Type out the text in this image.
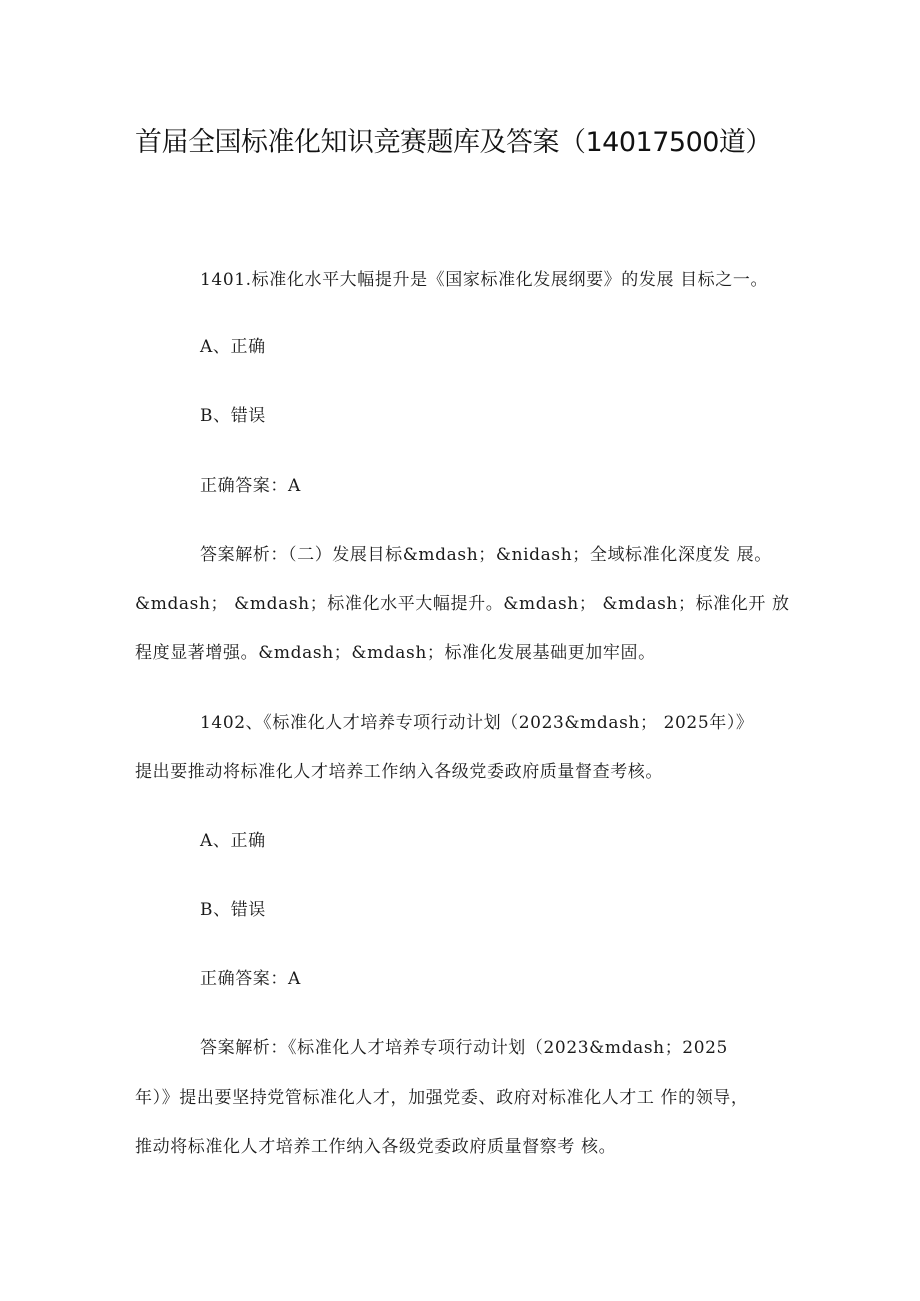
首届全国标准化知识竞赛题库及答案（14017500道）
1401.标准化水平大幅提升是《国家标准化发展纲要》的发展 目标之一。
A、正确
B、错误
正确答案：A
答案解析：（二）发展目标&mdash；&nidash；全域标准化深度发 展。
&mdash； &mdash；标准化水平大幅提升。&mdash； &mdash；标准化开 放
程度显著增强。&mdash；&mdash；标准化发展基础更加牢固。
1402、《标准化人才培养专项行动计划（2023&mdash； 2025年）》
提出要推动将标准化人才培养工作纳入各级党委政府质量督查考核。
A、正确
B、错误
正确答案：A
答案解析：《标准化人才培养专项行动计划（2023&mdash；2025
年）》提出要坚持党管标准化人才，加强党委、政府对标准化人才工 作的领导，
推动将标准化人才培养工作纳入各级党委政府质量督察考 核。
